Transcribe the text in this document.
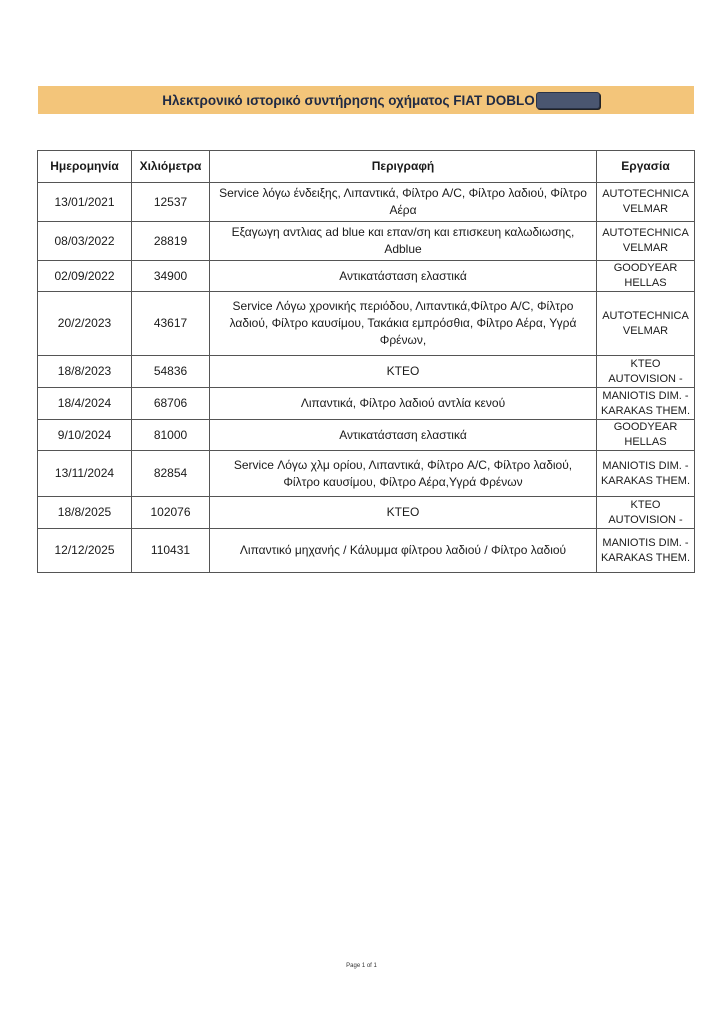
Ηλεκτρονικό ιστορικό συντήρησης οχήματος FIAT DOBLO
Ημερομηνία	Χιλιόμετρα	Περιγραφή	Εργασία
13/01/2021	12537	Service λόγω ένδειξης, Λιπαντικά, Φίλτρο A/C, Φίλτρο λαδιού, Φίλτρο Αέρα	AUTOTECHNICA VELMAR
08/03/2022	28819	Εξαγωγη αντλιας ad blue και επαν/ση και επισκευη καλωδιωσης, Adblue	AUTOTECHNICA VELMAR
02/09/2022	34900	Αντικατάσταση ελαστικά	GOODYEAR HELLAS
20/2/2023	43617	Service Λόγω χρονικής περιόδου, Λιπαντικά,Φίλτρο A/C, Φίλτρο λαδιού, Φίλτρο καυσίμου, Τακάκια εμπρόσθια, Φίλτρο Αέρα, Υγρά Φρένων,	AUTOTECHNICA VELMAR
18/8/2023	54836	ΚΤΕΟ	ΚΤΕΟ AUTOVISION -
18/4/2024	68706	Λιπαντικά, Φίλτρο λαδιού αντλία κενού	MANIOTIS DIM. - KARAKAS THEM.
9/10/2024	81000	Αντικατάσταση ελαστικά	GOODYEAR HELLAS
13/11/2024	82854	Service Λόγω χλμ ορίου, Λιπαντικά, Φίλτρο A/C, Φίλτρο λαδιού, Φίλτρο καυσίμου, Φίλτρο Αέρα,Υγρά Φρένων	MANIOTIS DIM. - KARAKAS THEM.
18/8/2025	102076	ΚΤΕΟ	ΚΤΕΟ AUTOVISION -
12/12/2025	110431	Λιπαντικό μηχανής / Κάλυμμα φίλτρου λαδιού / Φίλτρο λαδιού	MANIOTIS DIM. - KARAKAS THEM.
Page 1 of 1
